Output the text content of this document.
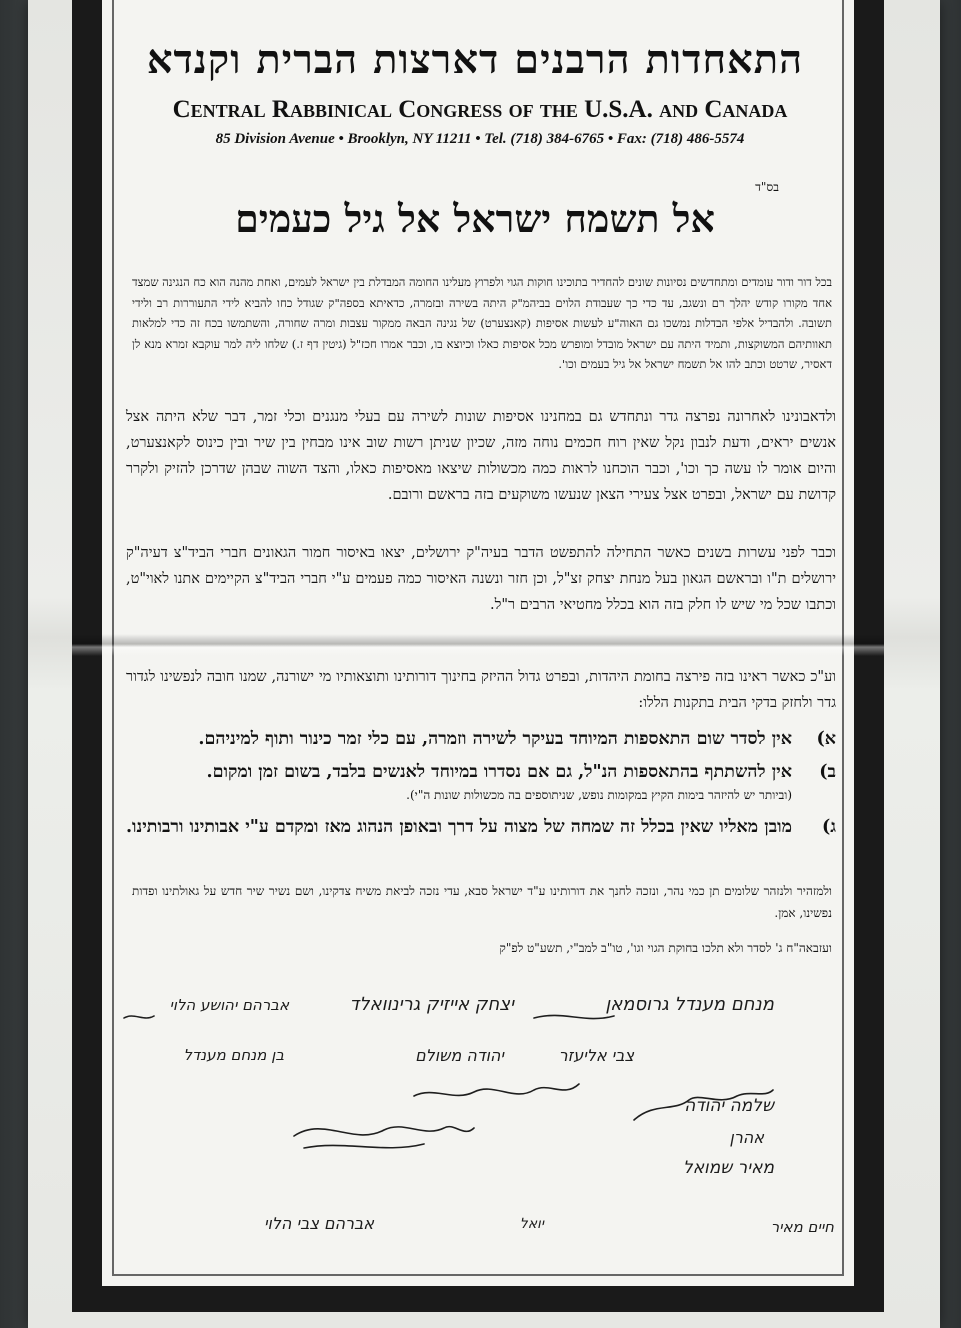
התאחדות הרבנים דארצות הברית וקנדא
Central Rabbinical Congress of the U.S.A. and Canada
85 Division Avenue • Brooklyn, NY 11211 • Tel. (718) 384-6765 • Fax: (718) 486-5574
בס"ד
אל תשמח ישראל אל גיל כעמים
בכל דור ודור עומדים ומתחדשים נסיונות שונים להחדיר בתוכינו חוקות הגוי ולפרוץ מעלינו החומה המבדלת בין ישראל לעמים, ואחת מהנה הוא כח הנגינה שמצד אחד מקורו קודש יהלך רם ונשגב, עד כדי כך שעבודת הלוים בביהמ"ק היתה בשירה ובזמרה, כדאיתא בספה"ק שגודל כחו להביא לידי התעוררות רב ולידי תשובה. ולהבדיל אלפי הבדלות נמשכו גם האוה"ע לעשות אסיפות (קאנצערט) של נגינה הבאה ממקור עצבות ומרה שחורה, והשתמשו בכח זה כדי למלאות תאוותיהם המשוקצות, ותמיד היתה עם ישראל מובדל ומופרש מכל אסיפות כאלו וכיוצא בו, וכבר אמרו חכז"ל (גיטין דף ז.) שלחו ליה למר עוקבא זמרא מנא לן דאסיר, שרטט וכתב להו אל תשמח ישראל אל גיל בעמים וכו'.
ולדאבונינו לאחרונה נפרצה גדר ונתחדש גם במחנינו אסיפות שונות לשירה עם בעלי מנגנים וכלי זמר, דבר שלא היתה אצל אנשים יראים, ודעת לנבון נקל שאין רוח חכמים נוחה מזה, שכיון שניתן רשות שוב אינו מבחין בין שיר ובין כינוס לקאנצערט, והיום אומר לו עשה כך וכו', וכבר הוכחנו לראות כמה מכשולות שיצאו מאסיפות כאלו, והצד השוה שבהן שדרכן להזיק ולקרר קדושת עם ישראל, ובפרט אצל צעירי הצאן שנעשו משוקעים בזה בראשם ורובם.
וכבר לפני עשרות בשנים כאשר התחילה להתפשט הדבר בעיה"ק ירושלים, יצאו באיסור חמור הגאונים חברי הביד"צ דעיה"ק ירושלים ת"ו ובראשם הגאון בעל מנחת יצחק זצ"ל, וכן חזר ונשנה האיסור כמה פעמים ע"י חברי הביד"צ הקיימים אתנו לאוי"ט, וכתבו שכל מי שיש לו חלק בזה הוא בכלל מחטיאי הרבים ר"ל.
וע"כ כאשר ראינו בזה פירצה בחומת היהדות, ובפרט גדול ההיזק בחינוך דורותינו ותוצאותיו מי ישורנה, שמנו חובה לנפשינו לגדור גדר ולחזק בדקי הבית בתקנות הללו:
א)
אין לסדר שום התאספות המיוחד בעיקר לשירה וזמרה, עם כלי זמר כינור ותוף למיניהם.
ב)
אין להשתתף בהתאספות הנ"ל, גם אם נסדרו במיוחד לאנשים בלבד, בשום זמן ומקום.
(וביותר יש להיזהר בימות הקיץ במקומות נופש, שניתוספים בה מכשולות שונות ה"י).
ג)
מובן מאליו שאין בכלל זה שמחה של מצוה על דרך ובאופן הנהוג מאז ומקדם ע"י אבותינו ורבותינו.
ולמזהיר ולנזהר שלומים תן כמי נהר, ונזכה לחנך את דורותינו ע"ד ישראל סבא, עדי נזכה לביאת משיח צדקינו, ושם נשיר שיר חדש על גאולתינו ופדות נפשינו, אמן.
ועזבאה"ח ג' לסדר ולא תלכו בחוקת הגוי וגו', טו"ב למב"י, תשע"ט לפ"ק
מנחם מענדל גרוסמאן
יצחק אייזיק גרינוואלד
אברהם יהושע הלוי
יהודה משולם	צבי אליעזר
בן מנחם מענדל
שלמה יהודה
אהרן
מאיר שמואל
חיים מאיר
יואל
אברהם צבי הלוי
